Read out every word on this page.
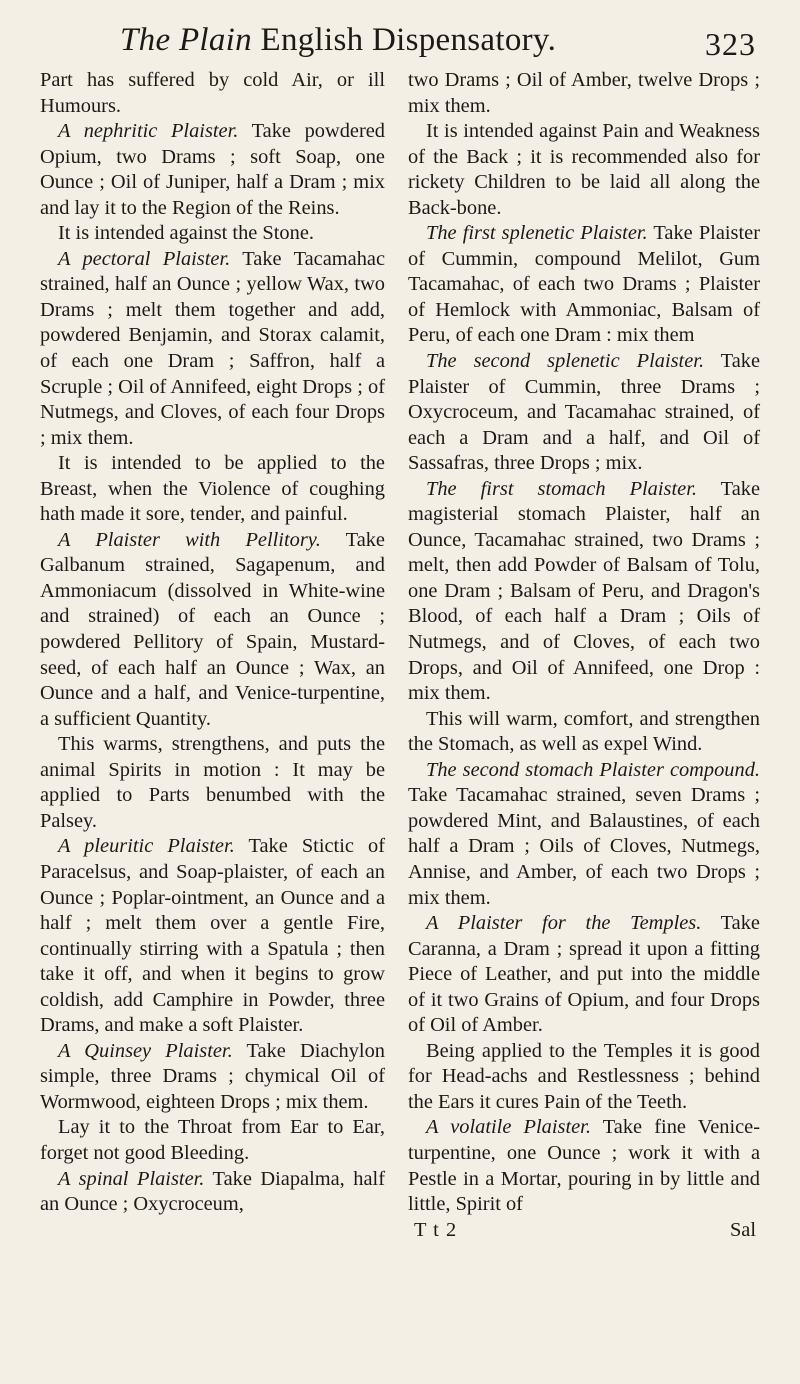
The Plain English Dispensatory.	323

Part has suffered by cold Air, or ill Humours.

A nephritic Plaister. Take powdered Opium, two Drams ; soft Soap, one Ounce ; Oil of Juniper, half a Dram ; mix and lay it to the Region of the Reins.

It is intended against the Stone.

A pectoral Plaister. Take Tacamahac strained, half an Ounce ; yellow Wax, two Drams ; melt them together and add, powdered Benjamin, and Storax calamit, of each one Dram ; Saffron, half a Scruple ; Oil of Annifeed, eight Drops ; of Nutmegs, and Cloves, of each four Drops ; mix them.

It is intended to be applied to the Breast, when the Violence of coughing hath made it sore, tender, and painful.

A Plaister with Pellitory. Take Galbanum strained, Sagapenum, and Ammoniacum (dissolved in White-wine and strained) of each an Ounce ; powdered Pellitory of Spain, Mustard-seed, of each half an Ounce ; Wax, an Ounce and a half, and Venice-turpentine, a sufficient Quantity.

This warms, strengthens, and puts the animal Spirits in motion : It may be applied to Parts benumbed with the Palsey.

A pleuritic Plaister. Take Stictic of Paracelsus, and Soap-plaister, of each an Ounce ; Poplar-ointment, an Ounce and a half ; melt them over a gentle Fire, continually stirring with a Spatula ; then take it off, and when it begins to grow coldish, add Camphire in Powder, three Drams, and make a soft Plaister.

A Quinsey Plaister. Take Diachylon simple, three Drams ; chymical Oil of Wormwood, eighteen Drops ; mix them.

Lay it to the Throat from Ear to Ear, forget not good Bleeding.

A spinal Plaister. Take Diapalma, half an Ounce ; Oxycroceum,

two Drams ; Oil of Amber, twelve Drops ; mix them.

It is intended against Pain and Weakness of the Back ; it is recommended also for rickety Children to be laid all along the Back-bone.

The first splenetic Plaister. Take Plaister of Cummin, compound Melilot, Gum Tacamahac, of each two Drams ; Plaister of Hemlock with Ammoniac, Balsam of Peru, of each one Dram : mix them

The second splenetic Plaister. Take Plaister of Cummin, three Drams ; Oxycroceum, and Tacamahac strained, of each a Dram and a half, and Oil of Sassafras, three Drops ; mix.

The first stomach Plaister. Take magisterial stomach Plaister, half an Ounce, Tacamahac strained, two Drams ; melt, then add Powder of Balsam of Tolu, one Dram ; Balsam of Peru, and Dragon's Blood, of each half a Dram ; Oils of Nutmegs, and of Cloves, of each two Drops, and Oil of Annifeed, one Drop : mix them.

This will warm, comfort, and strengthen the Stomach, as well as expel Wind.

The second stomach Plaister compound. Take Tacamahac strained, seven Drams ; powdered Mint, and Balaustines, of each half a Dram ; Oils of Cloves, Nutmegs, Annise, and Amber, of each two Drops ; mix them.

A Plaister for the Temples. Take Caranna, a Dram ; spread it upon a fitting Piece of Leather, and put into the middle of it two Grains of Opium, and four Drops of Oil of Amber.

Being applied to the Temples it is good for Head-achs and Restlessness ; behind the Ears it cures Pain of the Teeth.

A volatile Plaister. Take fine Venice-turpentine, one Ounce ; work it with a Pestle in a Mortar, pouring in by little and little, Spirit of

T t 2	Sal
